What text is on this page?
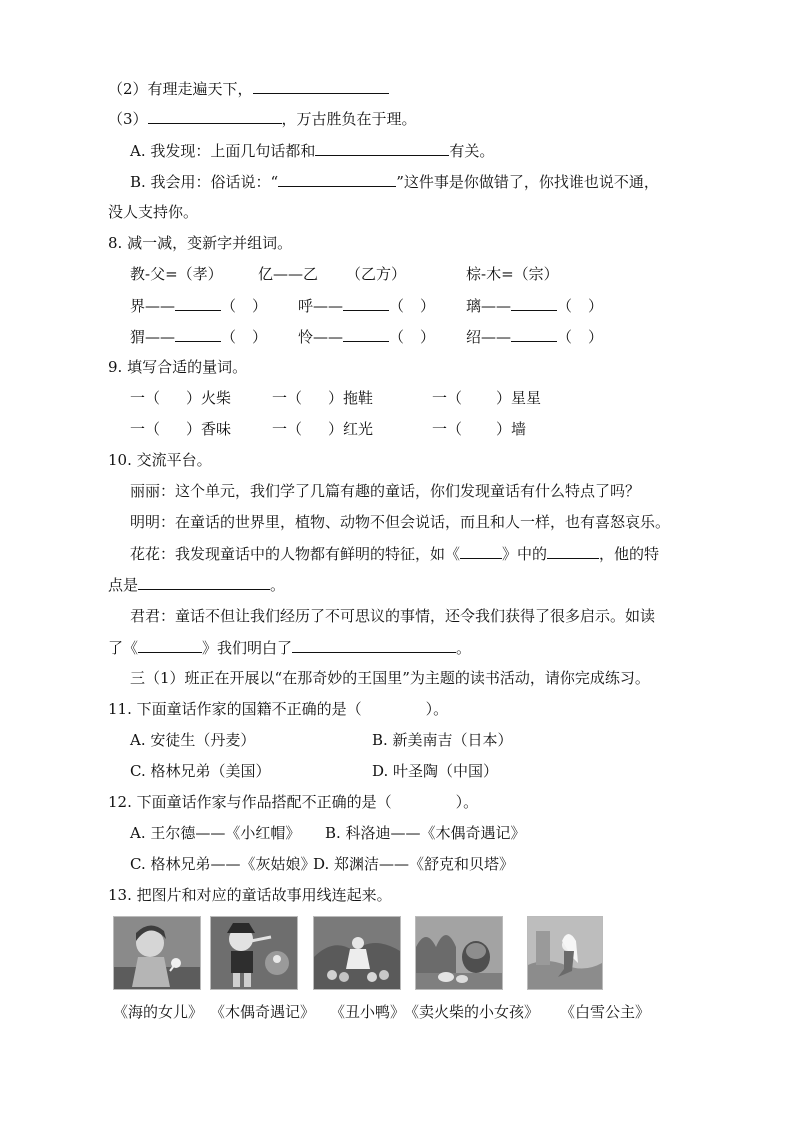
（2）有理走遍天下，
（3）	，万古胜负在于理。
A. 我发现：上面几句话都和	有关。
B. 我会用：俗话说：“	”这件事是你做错了，你找谁也说不通，
没人支持你。
8. 减一减，变新字并组词。
教-父=（孝） 亿——乙 （乙方）	棕-木=（宗）
界——	（ ） 呼——	（ ） 璃——	（ ）
猬——	（ ） 怜——	（ ） 绍——	（ ）
9. 填写合适的量词。
一（ ）火柴	一（ ）拖鞋	一（ ）星星
一（ ）香味	一（ ）红光	一（ ）墙
10. 交流平台。
丽丽：这个单元，我们学了几篇有趣的童话，你们发现童话有什么特点了吗？
明明：在童话的世界里，植物、动物不但会说话，而且和人一样，也有喜怒哀乐。
花花：我发现童话中的人物都有鲜明的特征，如《	》中的	，他的特
点是	。
君君：童话不但让我们经历了不可思议的事情，还令我们获得了很多启示。如读
了《	》我们明白了	。
三（1）班正在开展以“在那奇妙的王国里”为主题的读书活动，请你完成练习。
11. 下面童话作家的国籍不正确的是（	）。
A. 安徒生（丹麦）	B. 新美南吉（日本）
C. 格林兄弟（美国）	D. 叶圣陶（中国）
12. 下面童话作家与作品搭配不正确的是（	）。
A. 王尔德——《小红帽》 B. 科洛迪——《木偶奇遇记》
C. 格林兄弟——《灰姑娘》
D. 郑渊洁——《舒克和贝塔》
13. 把图片和对应的童话故事用线连起来。
《海的女儿》 《木偶奇遇记》 《丑小鸭》
《卖火柴的小女孩》 《白雪公主》
